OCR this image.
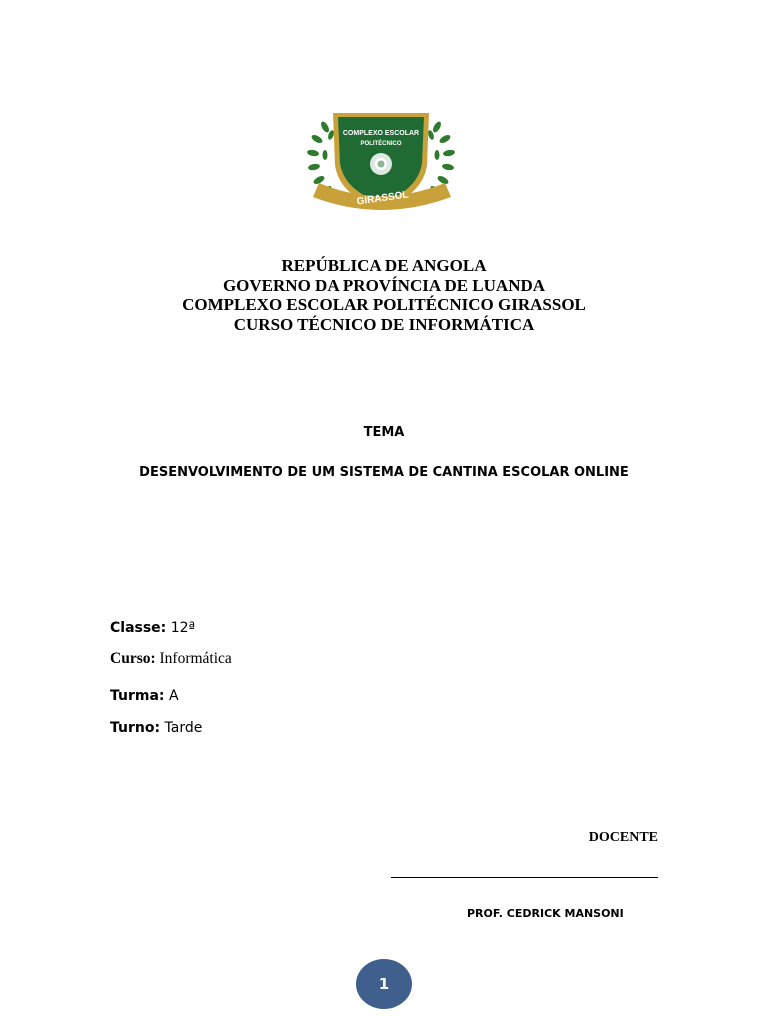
COMPLEXO ESCOLAR
POLITÉCNICO
GIRASSOL
REPÚBLICA DE ANGOLA
GOVERNO DA PROVÍNCIA DE LUANDA
COMPLEXO ESCOLAR POLITÉCNICO GIRASSOL
CURSO TÉCNICO DE INFORMÁTICA
TEMA
DESENVOLVIMENTO DE UM SISTEMA DE CANTINA ESCOLAR ONLINE
Classe: 12ª
Curso: Informática
Turma: A
Turno: Tarde
DOCENTE
PROF. CEDRICK MANSONI
1
